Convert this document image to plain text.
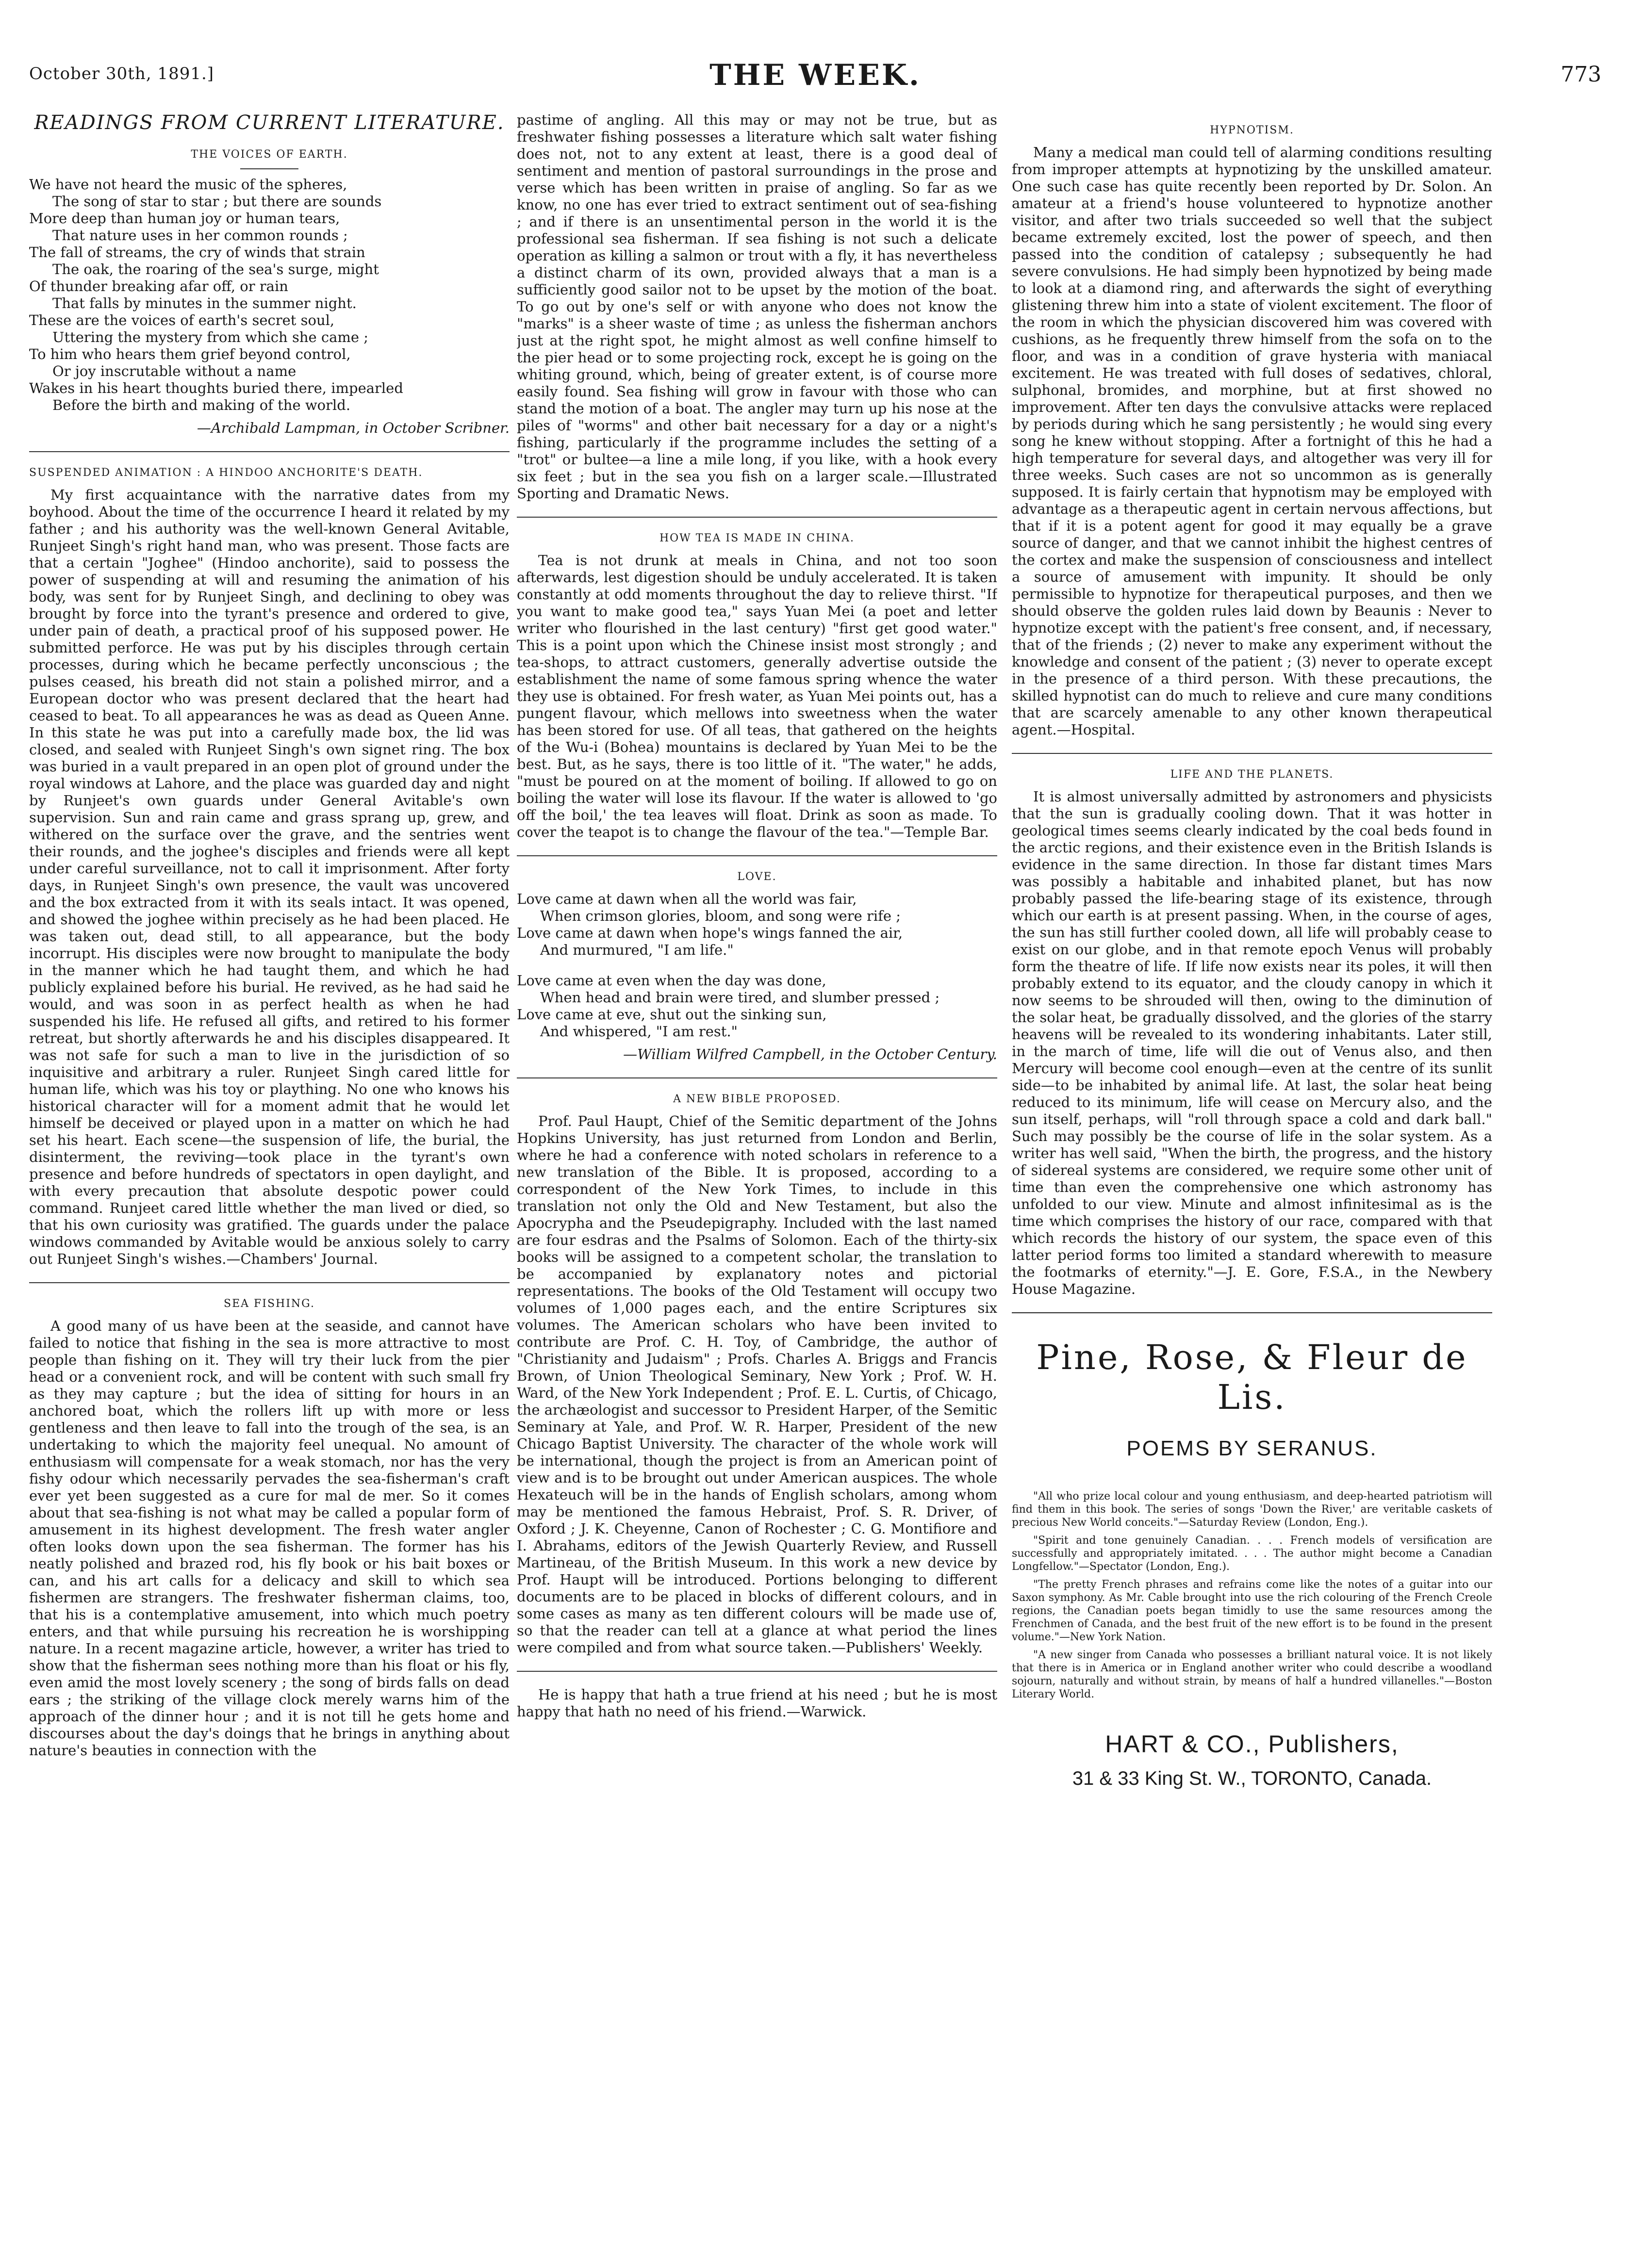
October 30th, 1891.]	THE WEEK.	773
READINGS FROM CURRENT LITERATURE.
THE VOICES OF EARTH.
We have not heard the music of the spheres,
The song of star to star ; but there are sounds
More deep than human joy or human tears,
That nature uses in her common rounds ;
The fall of streams, the cry of winds that strain
The oak, the roaring of the sea's surge, might
Of thunder breaking afar off, or rain
That falls by minutes in the summer night.
These are the voices of earth's secret soul,
Uttering the mystery from which she came ;
To him who hears them grief beyond control,
Or joy inscrutable without a name
Wakes in his heart thoughts buried there, impearled
Before the birth and making of the world.

—Archibald Lampman, in October Scribner.

SUSPENDED ANIMATION : A HINDOO ANCHORITE'S DEATH.

My first acquaintance with the narrative dates from my boyhood. About the time of the occurrence I heard it related by my father ; and his authority was the well-known General Avitable, Runjeet Singh's right hand man, who was present. Those facts are that a certain "Joghee" (Hindoo anchorite), said to possess the power of suspending at will and resuming the animation of his body, was sent for by Runjeet Singh, and declining to obey was brought by force into the tyrant's presence and ordered to give, under pain of death, a practical proof of his supposed power. He submitted perforce. He was put by his disciples through certain processes, during which he became perfectly unconscious ; the pulses ceased, his breath did not stain a polished mirror, and a European doctor who was present declared that the heart had ceased to beat. To all appearances he was as dead as Queen Anne. In this state he was put into a carefully made box, the lid was closed, and sealed with Runjeet Singh's own signet ring. The box was buried in a vault prepared in an open plot of ground under the royal windows at Lahore, and the place was guarded day and night by Runjeet's own guards under General Avitable's own supervision. Sun and rain came and grass sprang up, grew, and withered on the surface over the grave, and the sentries went their rounds, and the joghee's disciples and friends were all kept under careful surveillance, not to call it imprisonment. After forty days, in Runjeet Singh's own presence, the vault was uncovered and the box extracted from it with its seals intact. It was opened, and showed the joghee within precisely as he had been placed. He was taken out, dead still, to all appearance, but the body incorrupt. His disciples were now brought to manipulate the body in the manner which he had taught them, and which he had publicly explained before his burial. He revived, as he had said he would, and was soon in as perfect health as when he had suspended his life. He refused all gifts, and retired to his former retreat, but shortly afterwards he and his disciples disappeared. It was not safe for such a man to live in the jurisdiction of so inquisitive and arbitrary a ruler. Runjeet Singh cared little for human life, which was his toy or plaything. No one who knows his historical character will for a moment admit that he would let himself be deceived or played upon in a matter on which he had set his heart. Each scene—the suspension of life, the burial, the disinterment, the reviving—took place in the tyrant's own presence and before hundreds of spectators in open daylight, and with every precaution that absolute despotic power could command. Runjeet cared little whether the man lived or died, so that his own curiosity was gratified. The guards under the palace windows commanded by Avitable would be anxious solely to carry out Runjeet Singh's wishes.—Chambers' Journal.

SEA FISHING.

A good many of us have been at the seaside, and cannot have failed to notice that fishing in the sea is more attractive to most people than fishing on it. They will try their luck from the pier head or a convenient rock, and will be content with such small fry as they may capture ; but the idea of sitting for hours in an anchored boat, which the rollers lift up with more or less gentleness and then leave to fall into the trough of the sea, is an undertaking to which the majority feel unequal. No amount of enthusiasm will compensate for a weak stomach, nor has the very fishy odour which necessarily pervades the sea-fisherman's craft ever yet been suggested as a cure for mal de mer. So it comes about that sea-fishing is not what may be called a popular form of amusement in its highest development. The fresh water angler often looks down upon the sea fisherman. The former has his neatly polished and brazed rod, his fly book or his bait boxes or can, and his art calls for a delicacy and skill to which sea fishermen are strangers. The freshwater fisherman claims, too, that his is a contemplative amusement, into which much poetry enters, and that while pursuing his recreation he is worshipping nature. In a recent magazine article, however, a writer has tried to show that the fisherman sees nothing more than his float or his fly, even amid the most lovely scenery ; the song of birds falls on dead ears ; the striking of the village clock merely warns him of the approach of the dinner hour ; and it is not till he gets home and discourses about the day's doings that he brings in anything about nature's beauties in connection with the

pastime of angling. All this may or may not be true, but as freshwater fishing possesses a literature which salt water fishing does not, not to any extent at least, there is a good deal of sentiment and mention of pastoral surroundings in the prose and verse which has been written in praise of angling. So far as we know, no one has ever tried to extract sentiment out of sea-fishing ; and if there is an unsentimental person in the world it is the professional sea fisherman. If sea fishing is not such a delicate operation as killing a salmon or trout with a fly, it has nevertheless a distinct charm of its own, provided always that a man is a sufficiently good sailor not to be upset by the motion of the boat. To go out by one's self or with anyone who does not know the "marks" is a sheer waste of time ; as unless the fisherman anchors just at the right spot, he might almost as well confine himself to the pier head or to some projecting rock, except he is going on the whiting ground, which, being of greater extent, is of course more easily found. Sea fishing will grow in favour with those who can stand the motion of a boat. The angler may turn up his nose at the piles of "worms" and other bait necessary for a day or a night's fishing, particularly if the programme includes the setting of a "trot" or bultee—a line a mile long, if you like, with a hook every six feet ; but in the sea you fish on a larger scale.—Illustrated Sporting and Dramatic News.

HOW TEA IS MADE IN CHINA.

Tea is not drunk at meals in China, and not too soon afterwards, lest digestion should be unduly accelerated. It is taken constantly at odd moments throughout the day to relieve thirst. "If you want to make good tea," says Yuan Mei (a poet and letter writer who flourished in the last century) "first get good water." This is a point upon which the Chinese insist most strongly ; and tea-shops, to attract customers, generally advertise outside the establishment the name of some famous spring whence the water they use is obtained. For fresh water, as Yuan Mei points out, has a pungent flavour, which mellows into sweetness when the water has been stored for use. Of all teas, that gathered on the heights of the Wu-i (Bohea) mountains is declared by Yuan Mei to be the best. But, as he says, there is too little of it. "The water," he adds, "must be poured on at the moment of boiling. If allowed to go on boiling the water will lose its flavour. If the water is allowed to 'go off the boil,' the tea leaves will float. Drink as soon as made. To cover the teapot is to change the flavour of the tea."—Temple Bar.

LOVE.
Love came at dawn when all the world was fair,
When crimson glories, bloom, and song were rife ;
Love came at dawn when hope's wings fanned the air,
And murmured, "I am life."
Love came at even when the day was done,
When head and brain were tired, and slumber pressed ;
Love came at eve, shut out the sinking sun,
And whispered, "I am rest."

—William Wilfred Campbell, in the October Century.

A NEW BIBLE PROPOSED.

Prof. Paul Haupt, Chief of the Semitic department of the Johns Hopkins University, has just returned from London and Berlin, where he had a conference with noted scholars in reference to a new translation of the Bible. It is proposed, according to a correspondent of the New York Times, to include in this translation not only the Old and New Testament, but also the Apocrypha and the Pseudepigraphy. Included with the last named are four esdras and the Psalms of Solomon. Each of the thirty-six books will be assigned to a competent scholar, the translation to be accompanied by explanatory notes and pictorial representations. The books of the Old Testament will occupy two volumes of 1,000 pages each, and the entire Scriptures six volumes. The American scholars who have been invited to contribute are Prof. C. H. Toy, of Cambridge, the author of "Christianity and Judaism" ; Profs. Charles A. Briggs and Francis Brown, of Union Theological Seminary, New York ; Prof. W. H. Ward, of the New York Independent ; Prof. E. L. Curtis, of Chicago, the archæologist and successor to President Harper, of the Semitic Seminary at Yale, and Prof. W. R. Harper, President of the new Chicago Baptist University. The character of the whole work will be international, though the project is from an American point of view and is to be brought out under American auspices. The whole Hexateuch will be in the hands of English scholars, among whom may be mentioned the famous Hebraist, Prof. S. R. Driver, of Oxford ; J. K. Cheyenne, Canon of Rochester ; C. G. Montifiore and I. Abrahams, editors of the Jewish Quarterly Review, and Russell Martineau, of the British Museum. In this work a new device by Prof. Haupt will be introduced. Portions belonging to different documents are to be placed in blocks of different colours, and in some cases as many as ten different colours will be made use of, so that the reader can tell at a glance at what period the lines were compiled and from what source taken.—Publishers' Weekly.

He is happy that hath a true friend at his need ; but he is most happy that hath no need of his friend.—Warwick.

HYPNOTISM.

Many a medical man could tell of alarming conditions resulting from improper attempts at hypnotizing by the unskilled amateur. One such case has quite recently been reported by Dr. Solon. An amateur at a friend's house volunteered to hypnotize another visitor, and after two trials succeeded so well that the subject became extremely excited, lost the power of speech, and then passed into the condition of catalepsy ; subsequently he had severe convulsions. He had simply been hypnotized by being made to look at a diamond ring, and afterwards the sight of everything glistening threw him into a state of violent excitement. The floor of the room in which the physician discovered him was covered with cushions, as he frequently threw himself from the sofa on to the floor, and was in a condition of grave hysteria with maniacal excitement. He was treated with full doses of sedatives, chloral, sulphonal, bromides, and morphine, but at first showed no improvement. After ten days the convulsive attacks were replaced by periods during which he sang persistently ; he would sing every song he knew without stopping. After a fortnight of this he had a high temperature for several days, and altogether was very ill for three weeks. Such cases are not so uncommon as is generally supposed. It is fairly certain that hypnotism may be employed with advantage as a therapeutic agent in certain nervous affections, but that if it is a potent agent for good it may equally be a grave source of danger, and that we cannot inhibit the highest centres of the cortex and make the suspension of consciousness and intellect a source of amusement with impunity. It should be only permissible to hypnotize for therapeutical purposes, and then we should observe the golden rules laid down by Beaunis : Never to hypnotize except with the patient's free consent, and, if necessary, that of the friends ; (2) never to make any experiment without the knowledge and consent of the patient ; (3) never to operate except in the presence of a third person. With these precautions, the skilled hypnotist can do much to relieve and cure many conditions that are scarcely amenable to any other known therapeutical agent.—Hospital.

LIFE AND THE PLANETS.

It is almost universally admitted by astronomers and physicists that the sun is gradually cooling down. That it was hotter in geological times seems clearly indicated by the coal beds found in the arctic regions, and their existence even in the British Islands is evidence in the same direction. In those far distant times Mars was possibly a habitable and inhabited planet, but has now probably passed the life-bearing stage of its existence, through which our earth is at present passing. When, in the course of ages, the sun has still further cooled down, all life will probably cease to exist on our globe, and in that remote epoch Venus will probably form the theatre of life. If life now exists near its poles, it will then probably extend to its equator, and the cloudy canopy in which it now seems to be shrouded will then, owing to the diminution of the solar heat, be gradually dissolved, and the glories of the starry heavens will be revealed to its wondering inhabitants. Later still, in the march of time, life will die out of Venus also, and then Mercury will become cool enough—even at the centre of its sunlit side—to be inhabited by animal life. At last, the solar heat being reduced to its minimum, life will cease on Mercury also, and the sun itself, perhaps, will "roll through space a cold and dark ball." Such may possibly be the course of life in the solar system. As a writer has well said, "When the birth, the progress, and the history of sidereal systems are considered, we require some other unit of time than even the comprehensive one which astronomy has unfolded to our view. Minute and almost infinitesimal as is the time which comprises the history of our race, compared with that which records the history of our system, the space even of this latter period forms too limited a standard wherewith to measure the footmarks of eternity."—J. E. Gore, F.S.A., in the Newbery House Magazine.

Pine, Rose, & Fleur de Lis.
POEMS BY SERANUS.

"All who prize local colour and young enthusiasm, and deep-hearted patriotism will find them in this book. The series of songs 'Down the River,' are veritable caskets of precious New World conceits."—Saturday Review (London, Eng.).

"Spirit and tone genuinely Canadian. . . . French models of versification are successfully and appropriately imitated. . . . The author might become a Canadian Longfellow."—Spectator (London, Eng.).

"The pretty French phrases and refrains come like the notes of a guitar into our Saxon symphony. As Mr. Cable brought into use the rich colouring of the French Creole regions, the Canadian poets began timidly to use the same resources among the Frenchmen of Canada, and the best fruit of the new effort is to be found in the present volume."—New York Nation.

"A new singer from Canada who possesses a brilliant natural voice. It is not likely that there is in America or in England another writer who could describe a woodland sojourn, naturally and without strain, by means of half a hundred villanelles."—Boston Literary World.

HART & CO., Publishers,
31 & 33 King St. W., TORONTO, Canada.
